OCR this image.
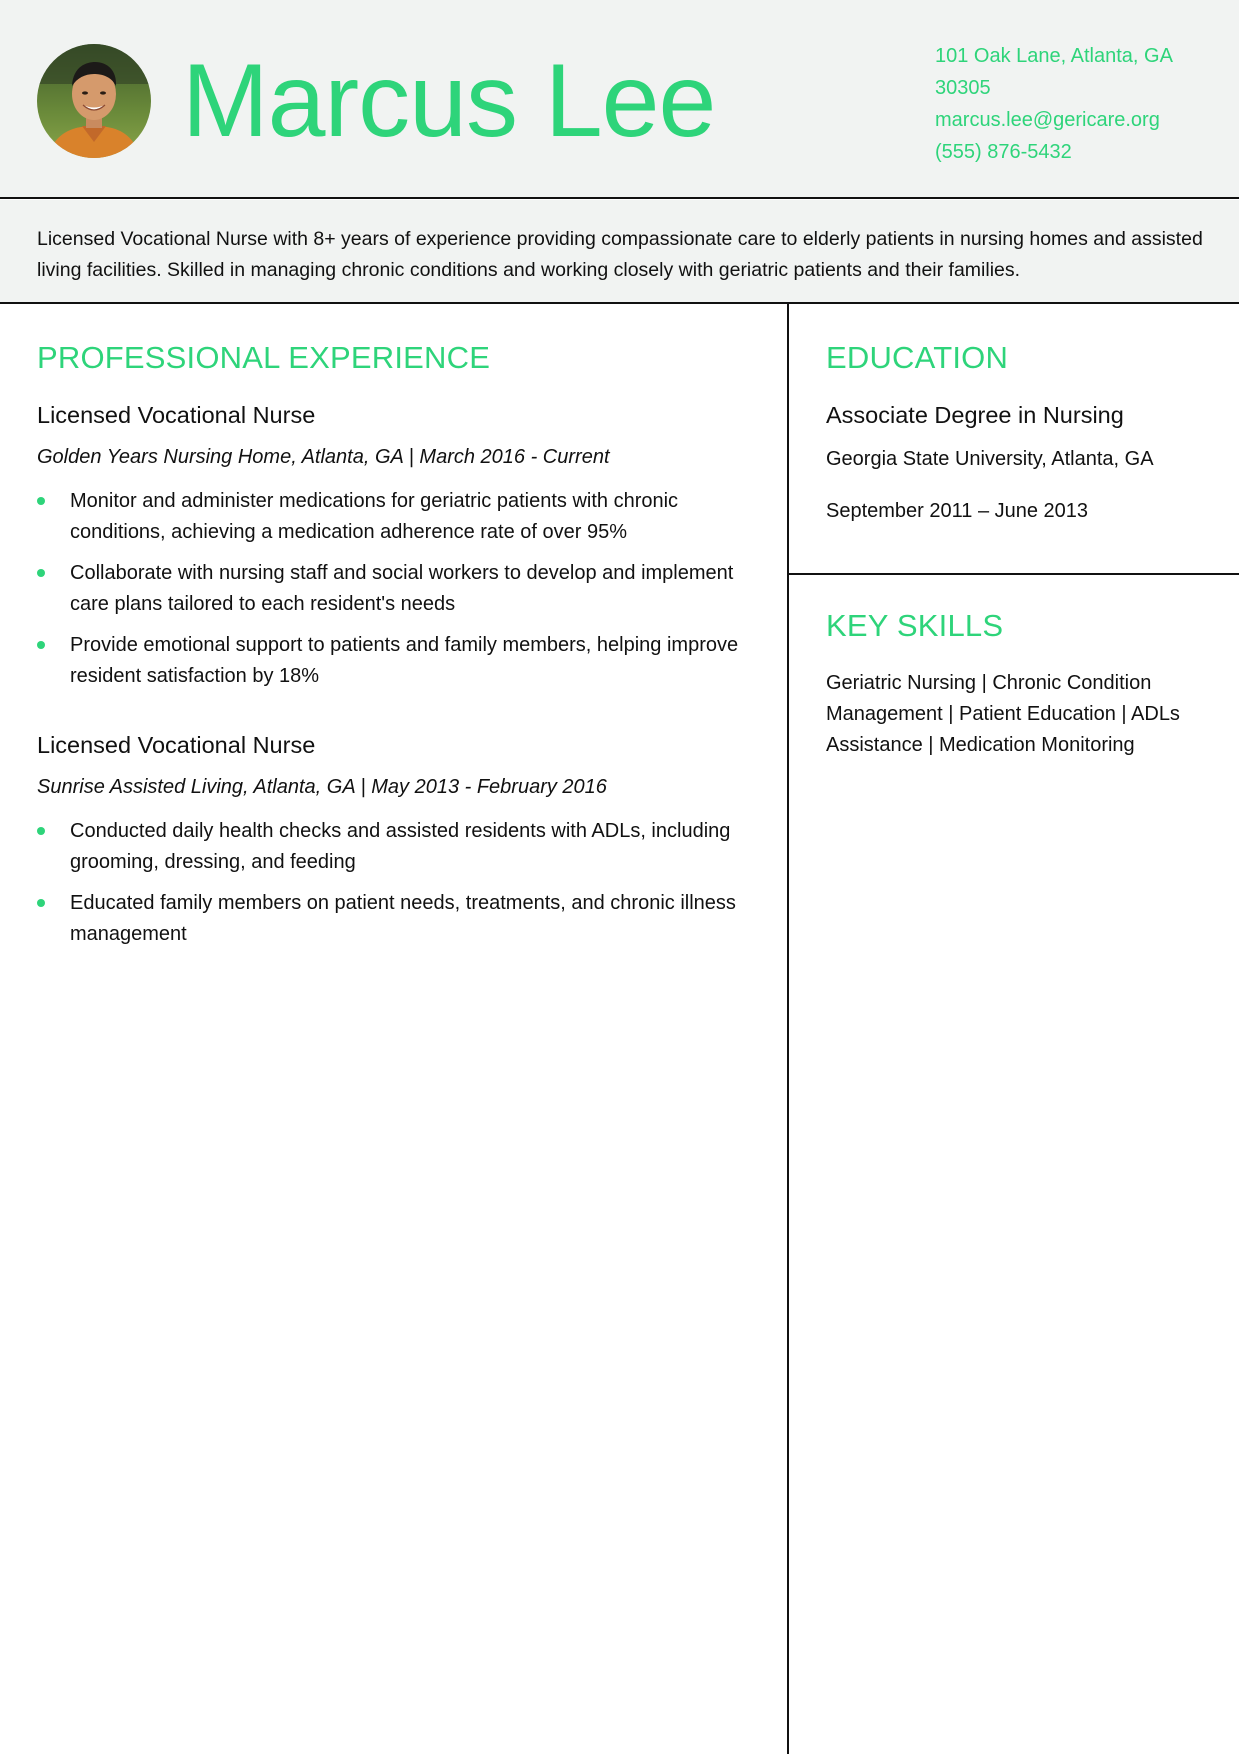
Marcus Lee	101 Oak Lane, Atlanta, GA 30305
marcus.lee@gericare.org
(555) 876-5432

Licensed Vocational Nurse with 8+ years of experience providing compassionate care to elderly patients in nursing homes and assisted living facilities. Skilled in managing chronic conditions and working closely with geriatric patients and their families.

PROFESSIONAL EXPERIENCE

Licensed Vocational Nurse

Golden Years Nursing Home, Atlanta, GA | March 2016 - Current

Monitor and administer medications for geriatric patients with chronic conditions, achieving a medication adherence rate of over 95%
Collaborate with nursing staff and social workers to develop and implement care plans tailored to each resident's needs
Provide emotional support to patients and family members, helping improve resident satisfaction by 18%

Licensed Vocational Nurse

Sunrise Assisted Living, Atlanta, GA | May 2013 - February 2016

Conducted daily health checks and assisted residents with ADLs, including grooming, dressing, and feeding
Educated family members on patient needs, treatments, and chronic illness management
EDUCATION

Associate Degree in Nursing

Georgia State University, Atlanta, GA

September 2011 – June 2013

KEY SKILLS

Geriatric Nursing | Chronic Condition Management | Patient Education | ADLs Assistance | Medication Monitoring
